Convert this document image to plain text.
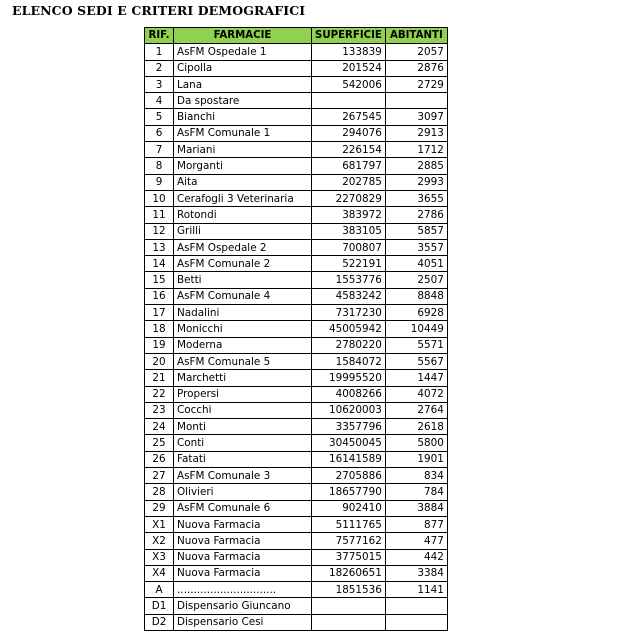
ELENCO SEDI E CRITERI DEMOGRAFICI
RIF.	FARMACIE	SUPERFICIE	ABITANTI
1	AsFM Ospedale 1	133839	2057
2	Cipolla	201524	2876
3	Lana	542006	2729
4	Da spostare		
5	Bianchi	267545	3097
6	AsFM Comunale 1	294076	2913
7	Mariani	226154	1712
8	Morganti	681797	2885
9	Aita	202785	2993
10	Cerafogli 3 Veterinaria	2270829	3655
11	Rotondi	383972	2786
12	Grilli	383105	5857
13	AsFM Ospedale 2	700807	3557
14	AsFM Comunale 2	522191	4051
15	Betti	1553776	2507
16	AsFM Comunale 4	4583242	8848
17	Nadalini	7317230	6928
18	Monicchi	45005942	10449
19	Moderna	2780220	5571
20	AsFM Comunale 5	1584072	5567
21	Marchetti	19995520	1447
22	Propersi	4008266	4072
23	Cocchi	10620003	2764
24	Monti	3357796	2618
25	Conti	30450045	5800
26	Fatati	16141589	1901
27	AsFM Comunale 3	2705886	834
28	Olivieri	18657790	784
29	AsFM Comunale 6	902410	3884
X1	Nuova Farmacia	5111765	877
X2	Nuova Farmacia	7577162	477
X3	Nuova Farmacia	3775015	442
X4	Nuova Farmacia	18260651	3384
A	..............................	1851536	1141
D1	Dispensario Giuncano		
D2	Dispensario Cesi		
